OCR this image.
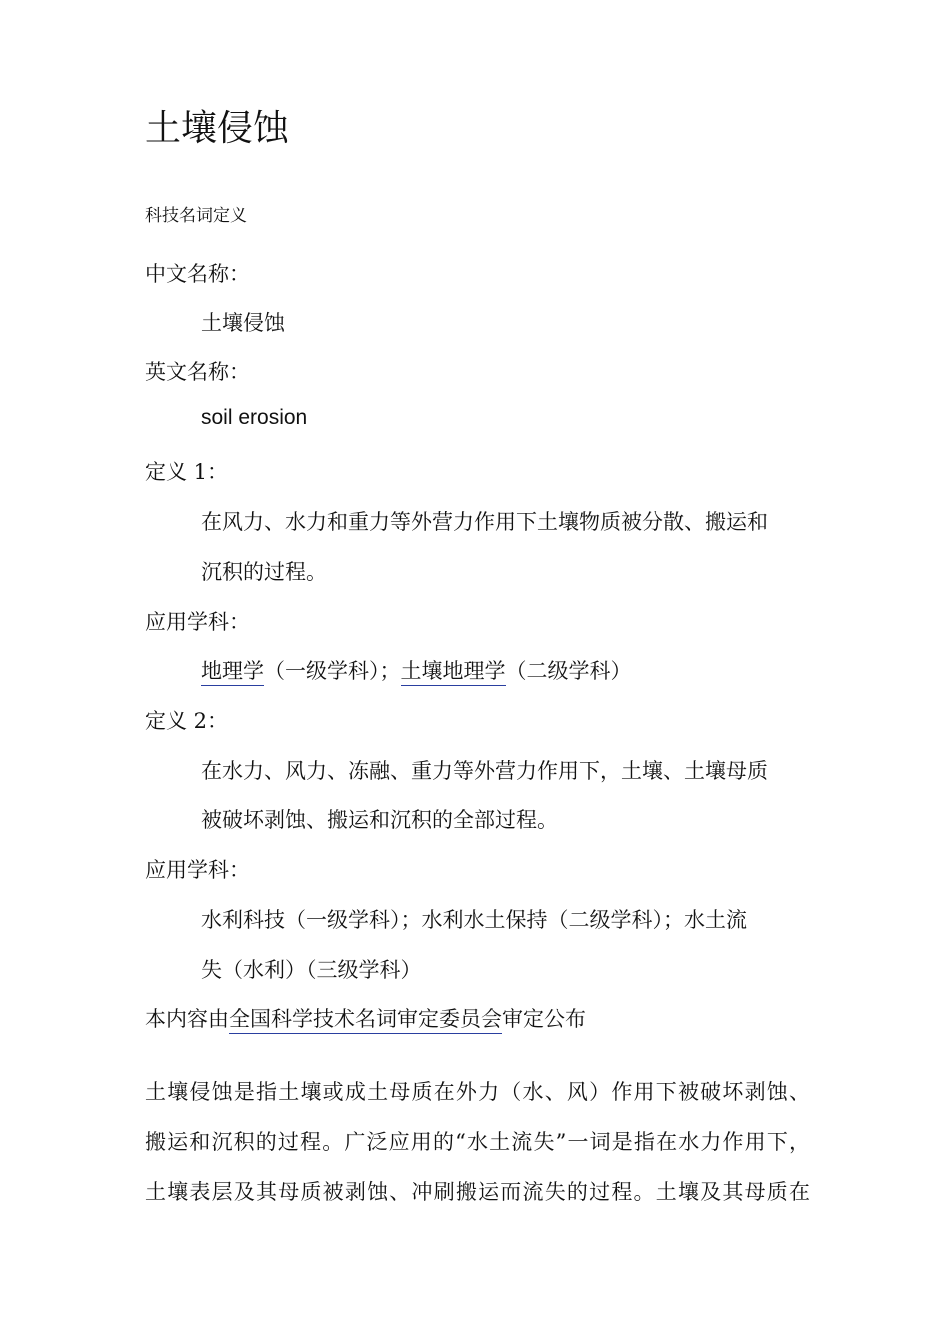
土壤侵蚀
科技名词定义
中文名称：
土壤侵蚀
英文名称：
soil erosion
定义 1：
在风力、水力和重力等外营力作用下土壤物质被分散、搬运和
沉积的过程。
应用学科：
地理学（一级学科）；土壤地理学（二级学科）
定义 2：
在水力、风力、冻融、重力等外营力作用下，土壤、土壤母质
被破坏剥蚀、搬运和沉积的全部过程。
应用学科：
水利科技（一级学科）；水利水土保持（二级学科）；水土流
失（水利）（三级学科）
本内容由全国科学技术名词审定委员会审定公布
土壤侵蚀是指土壤或成土母质在外力（水、风）作用下被破坏剥蚀、
搬运和沉积的过程。广泛应用的“水土流失”一词是指在水力作用下，
土壤表层及其母质被剥蚀、冲刷搬运而流失的过程。土壤及其母质在
